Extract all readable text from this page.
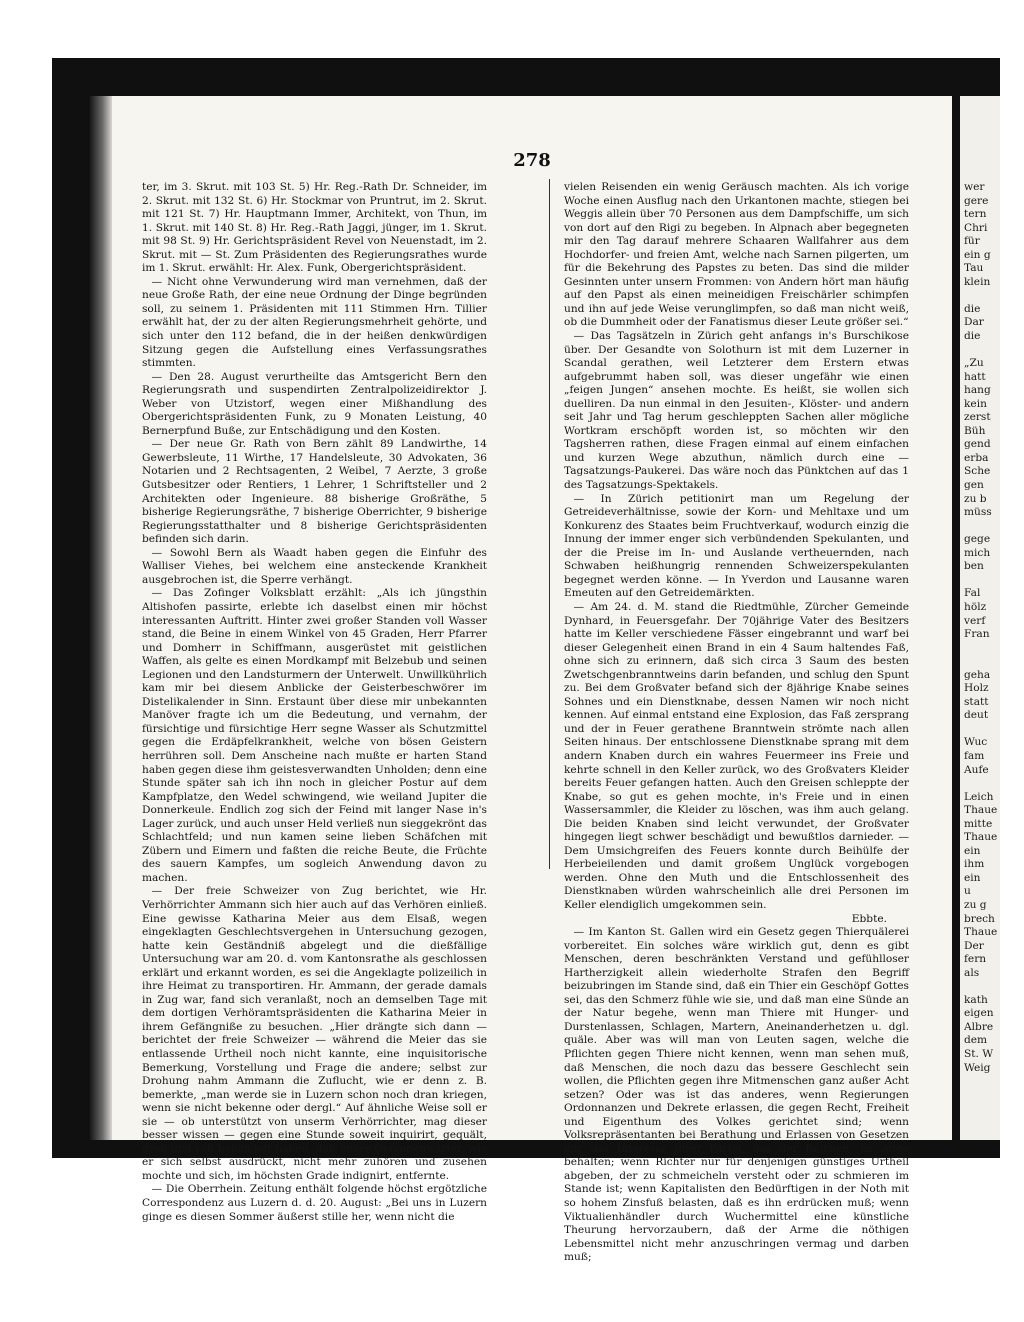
278

ter, im 3. Skrut. mit 103 St. 5) Hr. Reg.-Rath Dr. Schneider, im 2. Skrut. mit 132 St. 6) Hr. Stockmar von Pruntrut, im 2. Skrut. mit 121 St. 7) Hr. Hauptmann Immer, Architekt, von Thun, im 1. Skrut. mit 140 St. 8) Hr. Reg.-Rath Jaggi, jünger, im 1. Skrut. mit 98 St. 9) Hr. Gerichtspräsident Revel von Neuenstadt, im 2. Skrut. mit — St. Zum Präsidenten des Regierungsrathes wurde im 1. Skrut. erwählt: Hr. Alex. Funk, Obergerichtspräsident.

— Nicht ohne Verwunderung wird man vernehmen, daß der neue Große Rath, der eine neue Ordnung der Dinge begründen soll, zu seinem 1. Präsidenten mit 111 Stimmen Hrn. Tillier erwählt hat, der zu der alten Regierungsmehrheit gehörte, und sich unter den 112 befand, die in der heißen denkwürdigen Sitzung gegen die Aufstellung eines Verfassungsrathes stimmten.

— Den 28. August verurtheilte das Amtsgericht Bern den Regierungsrath und suspendirten Zentralpolizeidirektor J. Weber von Utzistorf, wegen einer Mißhandlung des Obergerichtspräsidenten Funk, zu 9 Monaten Leistung, 40 Bernerpfund Buße, zur Entschädigung und den Kosten.

— Der neue Gr. Rath von Bern zählt 89 Landwirthe, 14 Gewerbsleute, 11 Wirthe, 17 Handelsleute, 30 Advokaten, 36 Notarien und 2 Rechtsagenten, 2 Weibel, 7 Aerzte, 3 große Gutsbesitzer oder Rentiers, 1 Lehrer, 1 Schriftsteller und 2 Architekten oder Ingenieure. 88 bisherige Großräthe, 5 bisherige Regierungsräthe, 7 bisherige Oberrichter, 9 bisherige Regierungsstatthalter und 8 bisherige Gerichtspräsidenten befinden sich darin.

— Sowohl Bern als Waadt haben gegen die Einfuhr des Walliser Viehes, bei welchem eine ansteckende Krankheit ausgebrochen ist, die Sperre verhängt.

— Das Zofinger Volksblatt erzählt: „Als ich jüngsthin Altishofen passirte, erlebte ich daselbst einen mir höchst interessanten Auftritt. Hinter zwei großer Standen voll Wasser stand, die Beine in einem Winkel von 45 Graden, Herr Pfarrer und Domherr in Schiffmann, ausgerüstet mit geistlichen Waffen, als gelte es einen Mordkampf mit Belzebub und seinen Legionen und den Landsturmern der Unterwelt. Unwillkührlich kam mir bei diesem Anblicke der Geisterbeschwörer im Distelikalender in Sinn. Erstaunt über diese mir unbekannten Manöver fragte ich um die Bedeutung, und vernahm, der fürsichtige und fürsichtige Herr segne Wasser als Schutzmittel gegen die Erdäpfelkrankheit, welche von bösen Geistern herrühren soll. Dem Anscheine nach mußte er harten Stand haben gegen diese ihm geistesverwandten Unholden; denn eine Stunde später sah ich ihn noch in gleicher Postur auf dem Kampfplatze, den Wedel schwingend, wie weiland Jupiter die Donnerkeule. Endlich zog sich der Feind mit langer Nase in's Lager zurück, und auch unser Held verließ nun sieggekrönt das Schlachtfeld; und nun kamen seine lieben Schäfchen mit Zübern und Eimern und faßten die reiche Beute, die Früchte des sauern Kampfes, um sogleich Anwendung davon zu machen.

— Der freie Schweizer von Zug berichtet, wie Hr. Verhörrichter Ammann sich hier auch auf das Verhören einließ. Eine gewisse Katharina Meier aus dem Elsaß, wegen eingeklagten Geschlechtsvergehen in Untersuchung gezogen, hatte kein Geständniß abgelegt und die dießfällige Untersuchung war am 20. d. vom Kantonsrathe als geschlossen erklärt und erkannt worden, es sei die Angeklagte polizeilich in ihre Heimat zu transportiren. Hr. Ammann, der gerade damals in Zug war, fand sich veranlaßt, noch an demselben Tage mit dem dortigen Verhöramtspräsidenten die Katharina Meier in ihrem Gefängniße zu besuchen. „Hier drängte sich dann — berichtet der freie Schweizer — während die Meier das sie entlassende Urtheil noch nicht kannte, eine inquisitorische Bemerkung, Vorstellung und Frage die andere; selbst zur Drohung nahm Ammann die Zuflucht, wie er denn z. B. bemerkte, „man werde sie in Luzern schon noch dran kriegen, wenn sie nicht bekenne oder dergl.“ Auf ähnliche Weise soll er sie — ob unterstützt von unserm Verhörrichter, mag dieser besser wissen — gegen eine Stunde soweit inquirirt, gequält, grob und roh behandelt haben, daß unser Gefangenwärter, wie er sich selbst ausdrückt, nicht mehr zuhören und zusehen mochte und sich, im höchsten Grade indignirt, entfernte.

— Die Oberrhein. Zeitung enthält folgende höchst ergötzliche Correspondenz aus Luzern d. d. 20. August: „Bei uns in Luzern ginge es diesen Sommer äußerst stille her, wenn nicht die

vielen Reisenden ein wenig Geräusch machten. Als ich vorige Woche einen Ausflug nach den Urkantonen machte, stiegen bei Weggis allein über 70 Personen aus dem Dampfschiffe, um sich von dort auf den Rigi zu begeben. In Alpnach aber begegneten mir den Tag darauf mehrere Schaaren Wallfahrer aus dem Hochdorfer- und freien Amt, welche nach Sarnen pilgerten, um für die Bekehrung des Papstes zu beten. Das sind die milder Gesinnten unter unsern Frommen: von Andern hört man häufig auf den Papst als einen meineidigen Freischärler schimpfen und ihn auf jede Weise verunglimpfen, so daß man nicht weiß, ob die Dummheit oder der Fanatismus dieser Leute größer sei.“

— Das Tagsätzeln in Zürich geht anfangs in's Burschikose über. Der Gesandte von Solothurn ist mit dem Luzerner in Scandal gerathen, weil Letzterer dem Erstern etwas aufgebrummt haben soll, was dieser ungefähr wie einen „feigen Jungen“ ansehen mochte. Es heißt, sie wollen sich duelliren. Da nun einmal in den Jesuiten-, Klöster- und andern seit Jahr und Tag herum geschleppten Sachen aller mögliche Wortkram erschöpft worden ist, so möchten wir den Tagsherren rathen, diese Fragen einmal auf einem einfachen und kurzen Wege abzuthun, nämlich durch eine — Tagsatzungs-Paukerei. Das wäre noch das Pünktchen auf das 1 des Tagsatzungs-Spektakels.

— In Zürich petitionirt man um Regelung der Getreideverhältnisse, sowie der Korn- und Mehltaxe und um Konkurenz des Staates beim Fruchtverkauf, wodurch einzig die Innung der immer enger sich verbündenden Spekulanten, und der die Preise im In- und Auslande vertheuernden, nach Schwaben heißhungrig rennenden Schweizerspekulanten begegnet werden könne. — In Yverdon und Lausanne waren Emeuten auf den Getreidemärkten.

— Am 24. d. M. stand die Riedtmühle, Zürcher Gemeinde Dynhard, in Feuersgefahr. Der 70jährige Vater des Besitzers hatte im Keller verschiedene Fässer eingebrannt und warf bei dieser Gelegenheit einen Brand in ein 4 Saum haltendes Faß, ohne sich zu erinnern, daß sich circa 3 Saum des besten Zwetschgenbranntweins darin befanden, und schlug den Spunt zu. Bei dem Großvater befand sich der 8jährige Knabe seines Sohnes und ein Dienstknabe, dessen Namen wir noch nicht kennen. Auf einmal entstand eine Explosion, das Faß zersprang und der in Feuer gerathene Branntwein strömte nach allen Seiten hinaus. Der entschlossene Dienstknabe sprang mit dem andern Knaben durch ein wahres Feuermeer ins Freie und kehrte schnell in den Keller zurück, wo des Großvaters Kleider bereits Feuer gefangen hatten. Auch den Greisen schleppte der Knabe, so gut es gehen mochte, in's Freie und in einen Wassersammler, die Kleider zu löschen, was ihm auch gelang. Die beiden Knaben sind leicht verwundet, der Großvater hingegen liegt schwer beschädigt und bewußtlos darnieder. — Dem Umsichgreifen des Feuers konnte durch Beihülfe der Herbeieilenden und damit großem Unglück vorgebogen werden. Ohne den Muth und die Entschlossenheit des Dienstknaben würden wahrscheinlich alle drei Personen im Keller elendiglich umgekommen sein.

Ebbte.

— Im Kanton St. Gallen wird ein Gesetz gegen Thierquälerei vorbereitet. Ein solches wäre wirklich gut, denn es gibt Menschen, deren beschränkten Verstand und gefühlloser Hartherzigkeit allein wiederholte Strafen den Begriff beizubringen im Stande sind, daß ein Thier ein Geschöpf Gottes sei, das den Schmerz fühle wie sie, und daß man eine Sünde an der Natur begehe, wenn man Thiere mit Hunger- und Durstenlassen, Schlagen, Martern, Aneinanderhetzen u. dgl. quäle. Aber was will man von Leuten sagen, welche die Pflichten gegen Thiere nicht kennen, wenn man sehen muß, daß Menschen, die noch dazu das bessere Geschlecht sein wollen, die Pflichten gegen ihre Mitmenschen ganz außer Acht setzen? Oder was ist das anderes, wenn Regierungen Ordonnanzen und Dekrete erlassen, die gegen Recht, Freiheit und Eigenthum des Volkes gerichtet sind; wenn Volksrepräsentanten bei Berathung und Erlassen von Gesetzen nur das Interesse ihrer Partei, das der Reichen, im Auge behalten; wenn Richter nur für denjenigen günstiges Urtheil abgeben, der zu schmeicheln versteht oder zu schmieren im Stande ist; wenn Kapitalisten den Bedürftigen in der Noth mit so hohem Zinsfuß belasten, daß es ihn erdrücken muß; wenn Viktualienhändler durch Wuchermittel eine künstliche Theurung hervorzaubern, daß der Arme die nöthigen Lebensmittel nicht mehr anzuschringen vermag und darben muß;

wer
gere
tern
Chri
für
ein g
Tau
klein
die
Dar
die
„Zu
hatt
hang
kein
zerst
Büh
gend
erba
Sche
gen
zu b
müss
gege
mich
ben
Fal
hölz
verf
Fran
geha
Holz
statt
deut
Wuc
fam
Aufe
Leich
Thaue
mitte
Thaue
ein
ihm
ein
u
zu g
brech
Thaue
Der
fern
als
kath
eigen
Albre
dem
St. W
Weig
